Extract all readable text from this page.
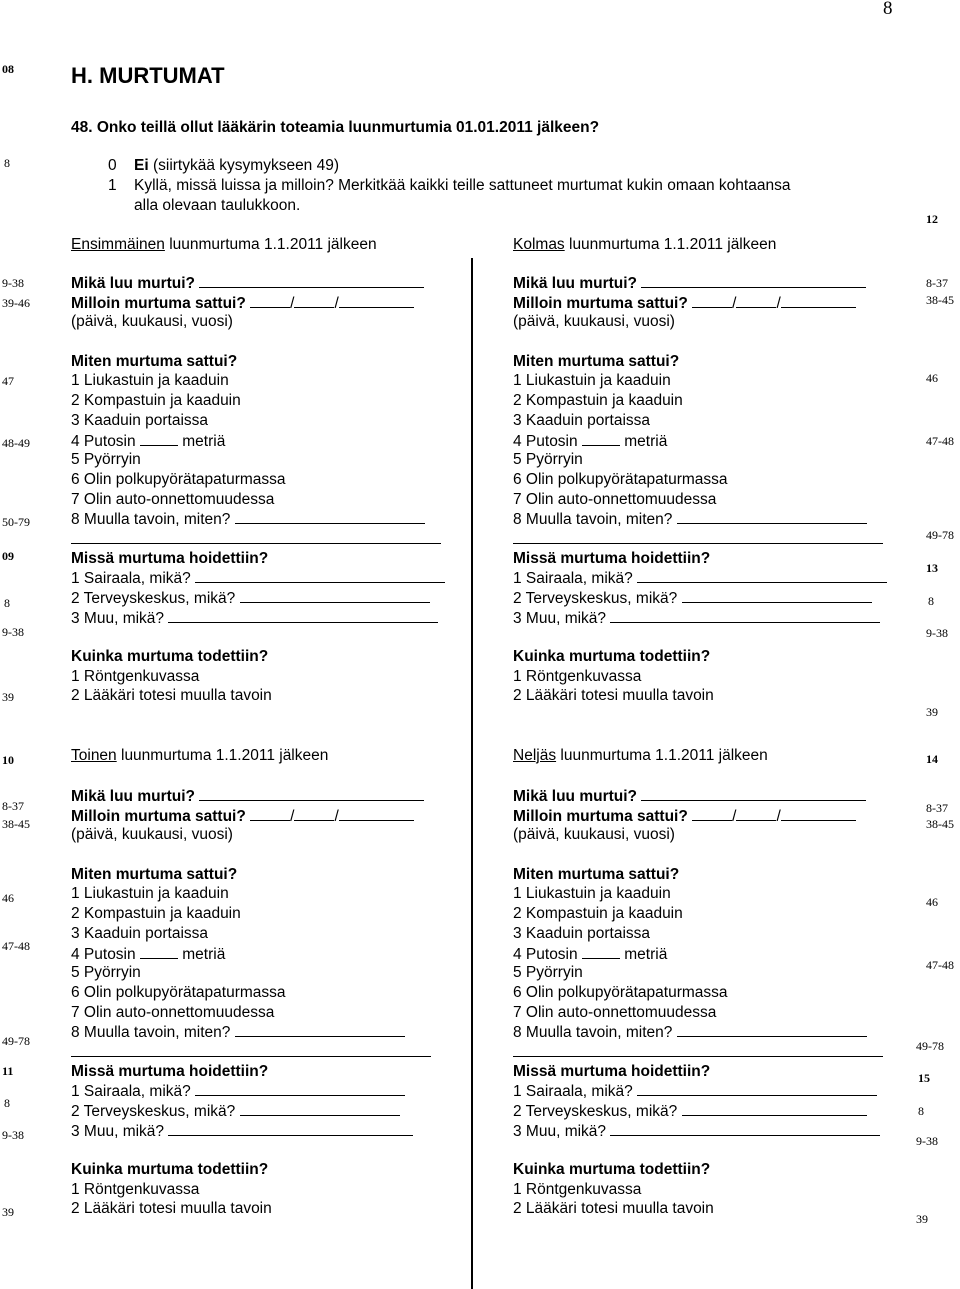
8
08
8
H. MURTUMAT
48. Onko teillä ollut lääkärin toteamia luunmurtumia 01.01.2011 jälkeen?
0 Ei (siirtykää kysymykseen 49)
1 Kyllä, missä luissa ja milloin? Merkitkää kaikki teille sattuneet murtumat kukin omaan kohtaansa
alla olevaan taulukkoon.
Ensimmäinen luunmurtuma 1.1.2011 jälkeen	Kolmas luunmurtuma 1.1.2011 jälkeen
Toinen luunmurtuma 1.1.2011 jälkeen	Neljäs luunmurtuma 1.1.2011 jälkeen
Mikä luu murtui?
Milloin murtuma sattui?	/	/
(päivä, kuukausi, vuosi)
Miten murtuma sattui?
1 Liukastuin ja kaaduin
2 Kompastuin ja kaaduin
3 Kaaduin portaissa
4 Putosin	metriä
5 Pyörryin
6 Olin polkupyörätapaturmassa
7 Olin auto-onnettomuudessa
8 Muulla tavoin, miten?
Missä murtuma hoidettiin?
1 Sairaala, mikä?
2 Terveyskeskus, mikä?
3 Muu, mikä?
Kuinka murtuma todettiin?
1 Röntgenkuvassa
2 Lääkäri totesi muulla tavoin
Mikä luu murtui?
Milloin murtuma sattui?	/	/
(päivä, kuukausi, vuosi)
Miten murtuma sattui?
1 Liukastuin ja kaaduin
2 Kompastuin ja kaaduin
3 Kaaduin portaissa
4 Putosin	metriä
5 Pyörryin
6 Olin polkupyörätapaturmassa
7 Olin auto-onnettomuudessa
8 Muulla tavoin, miten?
Missä murtuma hoidettiin?
1 Sairaala, mikä?
2 Terveyskeskus, mikä?
3 Muu, mikä?
Kuinka murtuma todettiin?
1 Röntgenkuvassa
2 Lääkäri totesi muulla tavoin
Mikä luu murtui?
Milloin murtuma sattui?	/	/
(päivä, kuukausi, vuosi)
Miten murtuma sattui?
1 Liukastuin ja kaaduin
2 Kompastuin ja kaaduin
3 Kaaduin portaissa
4 Putosin	metriä
5 Pyörryin
6 Olin polkupyörätapaturmassa
7 Olin auto-onnettomuudessa
8 Muulla tavoin, miten?
Missä murtuma hoidettiin?
1 Sairaala, mikä?
2 Terveyskeskus, mikä?
3 Muu, mikä?
Kuinka murtuma todettiin?
1 Röntgenkuvassa
2 Lääkäri totesi muulla tavoin
Mikä luu murtui?
Milloin murtuma sattui?	/	/
(päivä, kuukausi, vuosi)
Miten murtuma sattui?
1 Liukastuin ja kaaduin
2 Kompastuin ja kaaduin
3 Kaaduin portaissa
4 Putosin	metriä
5 Pyörryin
6 Olin polkupyörätapaturmassa
7 Olin auto-onnettomuudessa
8 Muulla tavoin, miten?
Missä murtuma hoidettiin?
1 Sairaala, mikä?
2 Terveyskeskus, mikä?
3 Muu, mikä?
Kuinka murtuma todettiin?
1 Röntgenkuvassa
2 Lääkäri totesi muulla tavoin
9-38
39-46
47
48-49
50-79
09
8
9-38
39
10
8-37
38-45
46
47-48
49-78
11
8
9-38
39
12
8-37
38-45
46
47-48
49-78
13
8
9-38
39
14
8-37
38-45
46
47-48
49-78
15
8
9-38
39
